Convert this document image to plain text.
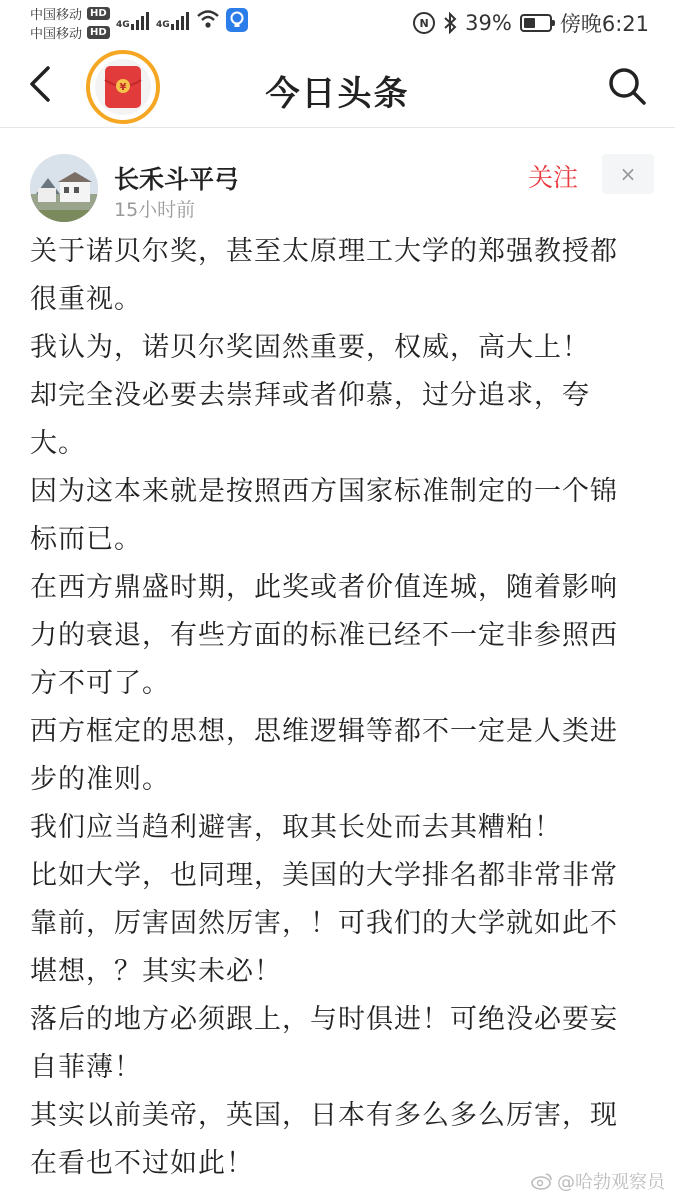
中国移动 HD
中国移动 HD
4G	4G	N	39% 傍晚6:21
¥	今日头条
长禾斗平弓
15小时前
关注 ×

关于诺贝尔奖，甚至太原理工大学的郑强教授都很重视。

我认为，诺贝尔奖固然重要，权威，高大上！

却完全没必要去崇拜或者仰慕，过分追求，夸大。

因为这本来就是按照西方国家标准制定的一个锦标而已。

在西方鼎盛时期，此奖或者价值连城，随着影响力的衰退，有些方面的标准已经不一定非参照西方不可了。

西方框定的思想，思维逻辑等都不一定是人类进步的准则。

我们应当趋利避害，取其长处而去其糟粕！

比如大学，也同理，美国的大学排名都非常非常靠前，厉害固然厉害，！可我们的大学就如此不堪想，？其实未必！

落后的地方必须跟上，与时俱进！可绝没必要妄自菲薄！

其实以前美帝，英国，日本有多么多么厉害，现在看也不过如此！

@哈勃观察员
